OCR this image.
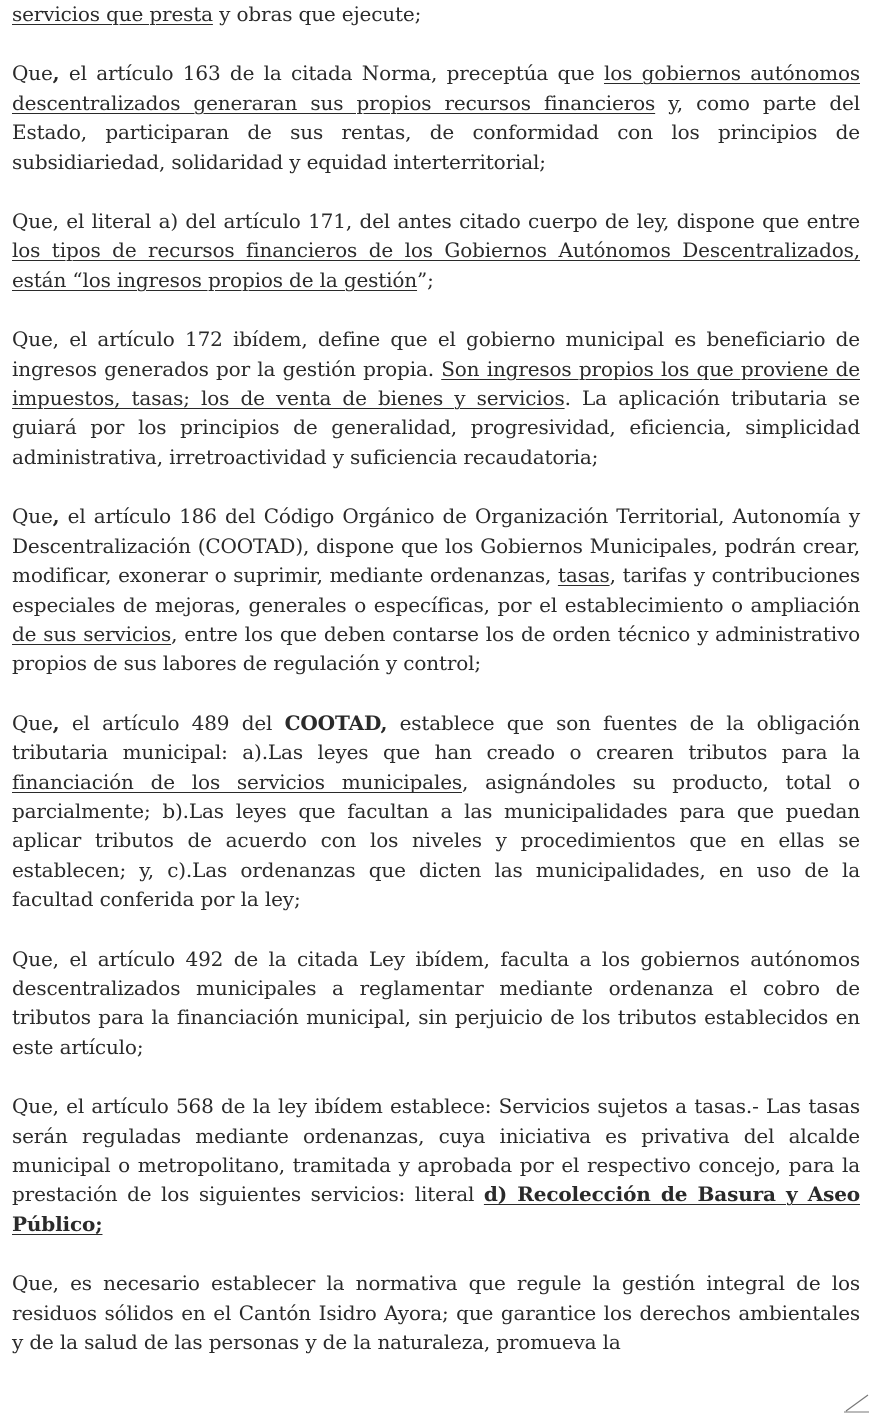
servicios que presta y obras que ejecute;

Que, el artículo 163 de la citada Norma, preceptúa que los gobiernos autónomos descentralizados generaran sus propios recursos financieros y, como parte del Estado, participaran de sus rentas, de conformidad con los principios de subsidiariedad, solidaridad y equidad interterritorial;

Que, el literal a) del artículo 171, del antes citado cuerpo de ley, dispone que entre los tipos de recursos financieros de los Gobiernos Autónomos Descentralizados, están “los ingresos propios de la gestión”;

Que, el artículo 172 ibídem, define que el gobierno municipal es beneficiario de ingresos generados por la gestión propia. Son ingresos propios los que proviene de impuestos, tasas; los de venta de bienes y servicios. La aplicación tributaria se guiará por los principios de generalidad, progresividad, eficiencia, simplicidad administrativa, irretroactividad y suficiencia recaudatoria;

Que, el artículo 186 del Código Orgánico de Organización Territorial, Autonomía y Descentralización (COOTAD), dispone que los Gobiernos Municipales, podrán crear, modificar, exonerar o suprimir, mediante ordenanzas, tasas, tarifas y contribuciones especiales de mejoras, generales o específicas, por el establecimiento o ampliación de sus servicios, entre los que deben contarse los de orden técnico y administrativo propios de sus labores de regulación y control;

Que, el artículo 489 del COOTAD, establece que son fuentes de la obligación tributaria municipal: a).Las leyes que han creado o crearen tributos para la financiación de los servicios municipales, asignándoles su producto, total o parcialmente; b).Las leyes que facultan a las municipalidades para que puedan aplicar tributos de acuerdo con los niveles y procedimientos que en ellas se establecen; y, c).Las ordenanzas que dicten las municipalidades, en uso de la facultad conferida por la ley;

Que, el artículo 492 de la citada Ley ibídem, faculta a los gobiernos autónomos descentralizados municipales a reglamentar mediante ordenanza el cobro de tributos para la financiación municipal, sin perjuicio de los tributos establecidos en este artículo;

Que, el artículo 568 de la ley ibídem establece: Servicios sujetos a tasas.- Las tasas serán reguladas mediante ordenanzas, cuya iniciativa es privativa del alcalde municipal o metropolitano, tramitada y aprobada por el respectivo concejo, para la prestación de los siguientes servicios: literal d) Recolección de Basura y Aseo Público;

Que, es necesario establecer la normativa que regule la gestión integral de los residuos sólidos en el Cantón Isidro Ayora; que garantice los derechos ambientales y de la salud de las personas y de la naturaleza, promueva la
